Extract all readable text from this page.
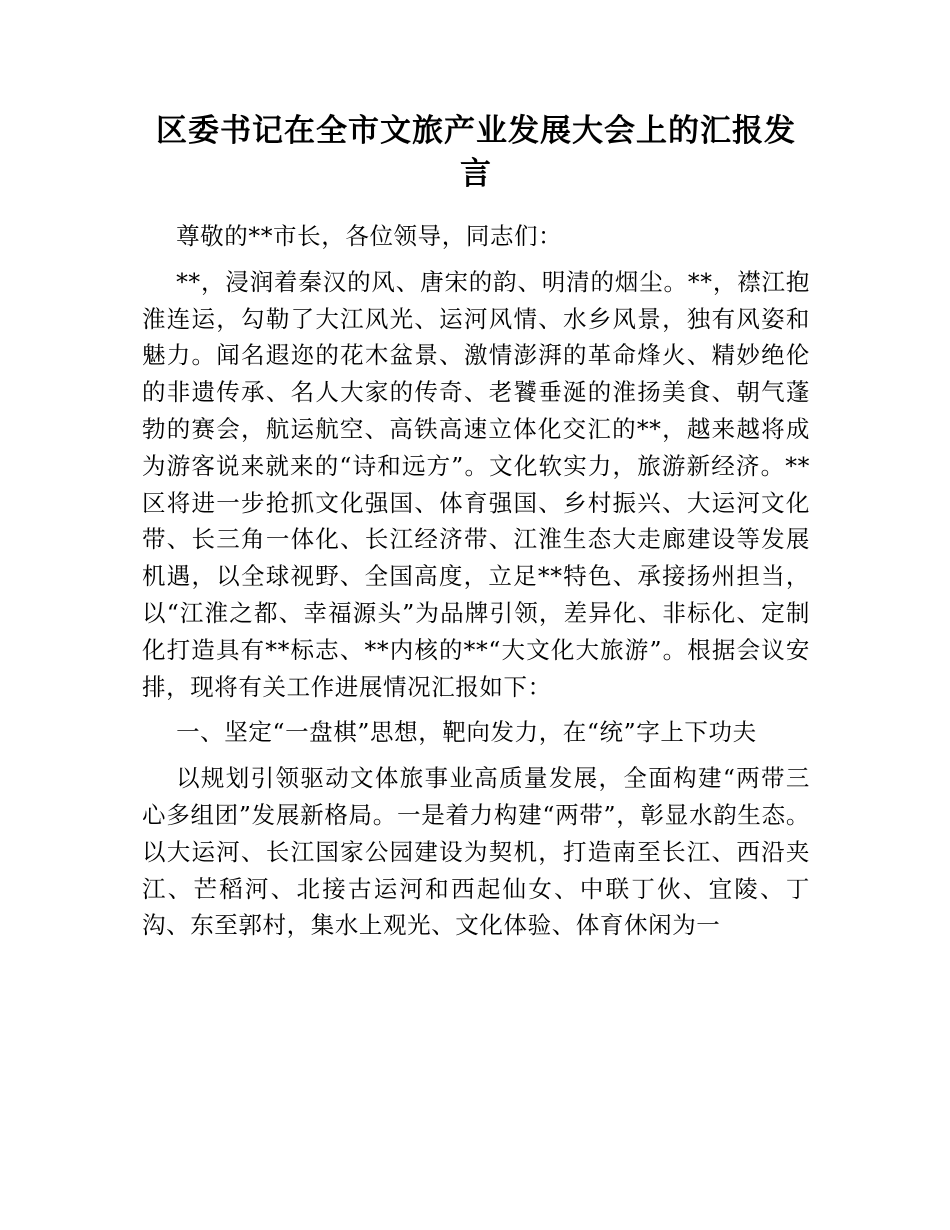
区委书记在全市文旅产业发展大会上的汇报发言

尊敬的**市长，各位领导，同志们：

**，浸润着秦汉的风、唐宋的韵、明清的烟尘。**，襟江抱淮连运，勾勒了大江风光、运河风情、水乡风景，独有风姿和魅力。闻名遐迩的花木盆景、激情澎湃的革命烽火、精妙绝伦的非遗传承、名人大家的传奇、老饕垂涎的淮扬美食、朝气蓬勃的赛会，航运航空、高铁高速立体化交汇的**，越来越将成为游客说来就来的“诗和远方”。文化软实力，旅游新经济。**区将进一步抢抓文化强国、体育强国、乡村振兴、大运河文化带、长三角一体化、长江经济带、江淮生态大走廊建设等发展机遇，以全球视野、全国高度，立足**特色、承接扬州担当，以“江淮之都、幸福源头”为品牌引领，差异化、非标化、定制化打造具有**标志、**内核的**“大文化大旅游”。根据会议安排，现将有关工作进展情况汇报如下：

一、坚定“一盘棋”思想，靶向发力，在“统”字上下功夫

以规划引领驱动文体旅事业高质量发展，全面构建“两带三心多组团”发展新格局。一是着力构建“两带”，彰显水韵生态。以大运河、长江国家公园建设为契机，打造南至长江、西沿夹江、芒稻河、北接古运河和西起仙女、中联丁伙、宜陵、丁沟、东至郭村，集水上观光、文化体验、体育休闲为一
